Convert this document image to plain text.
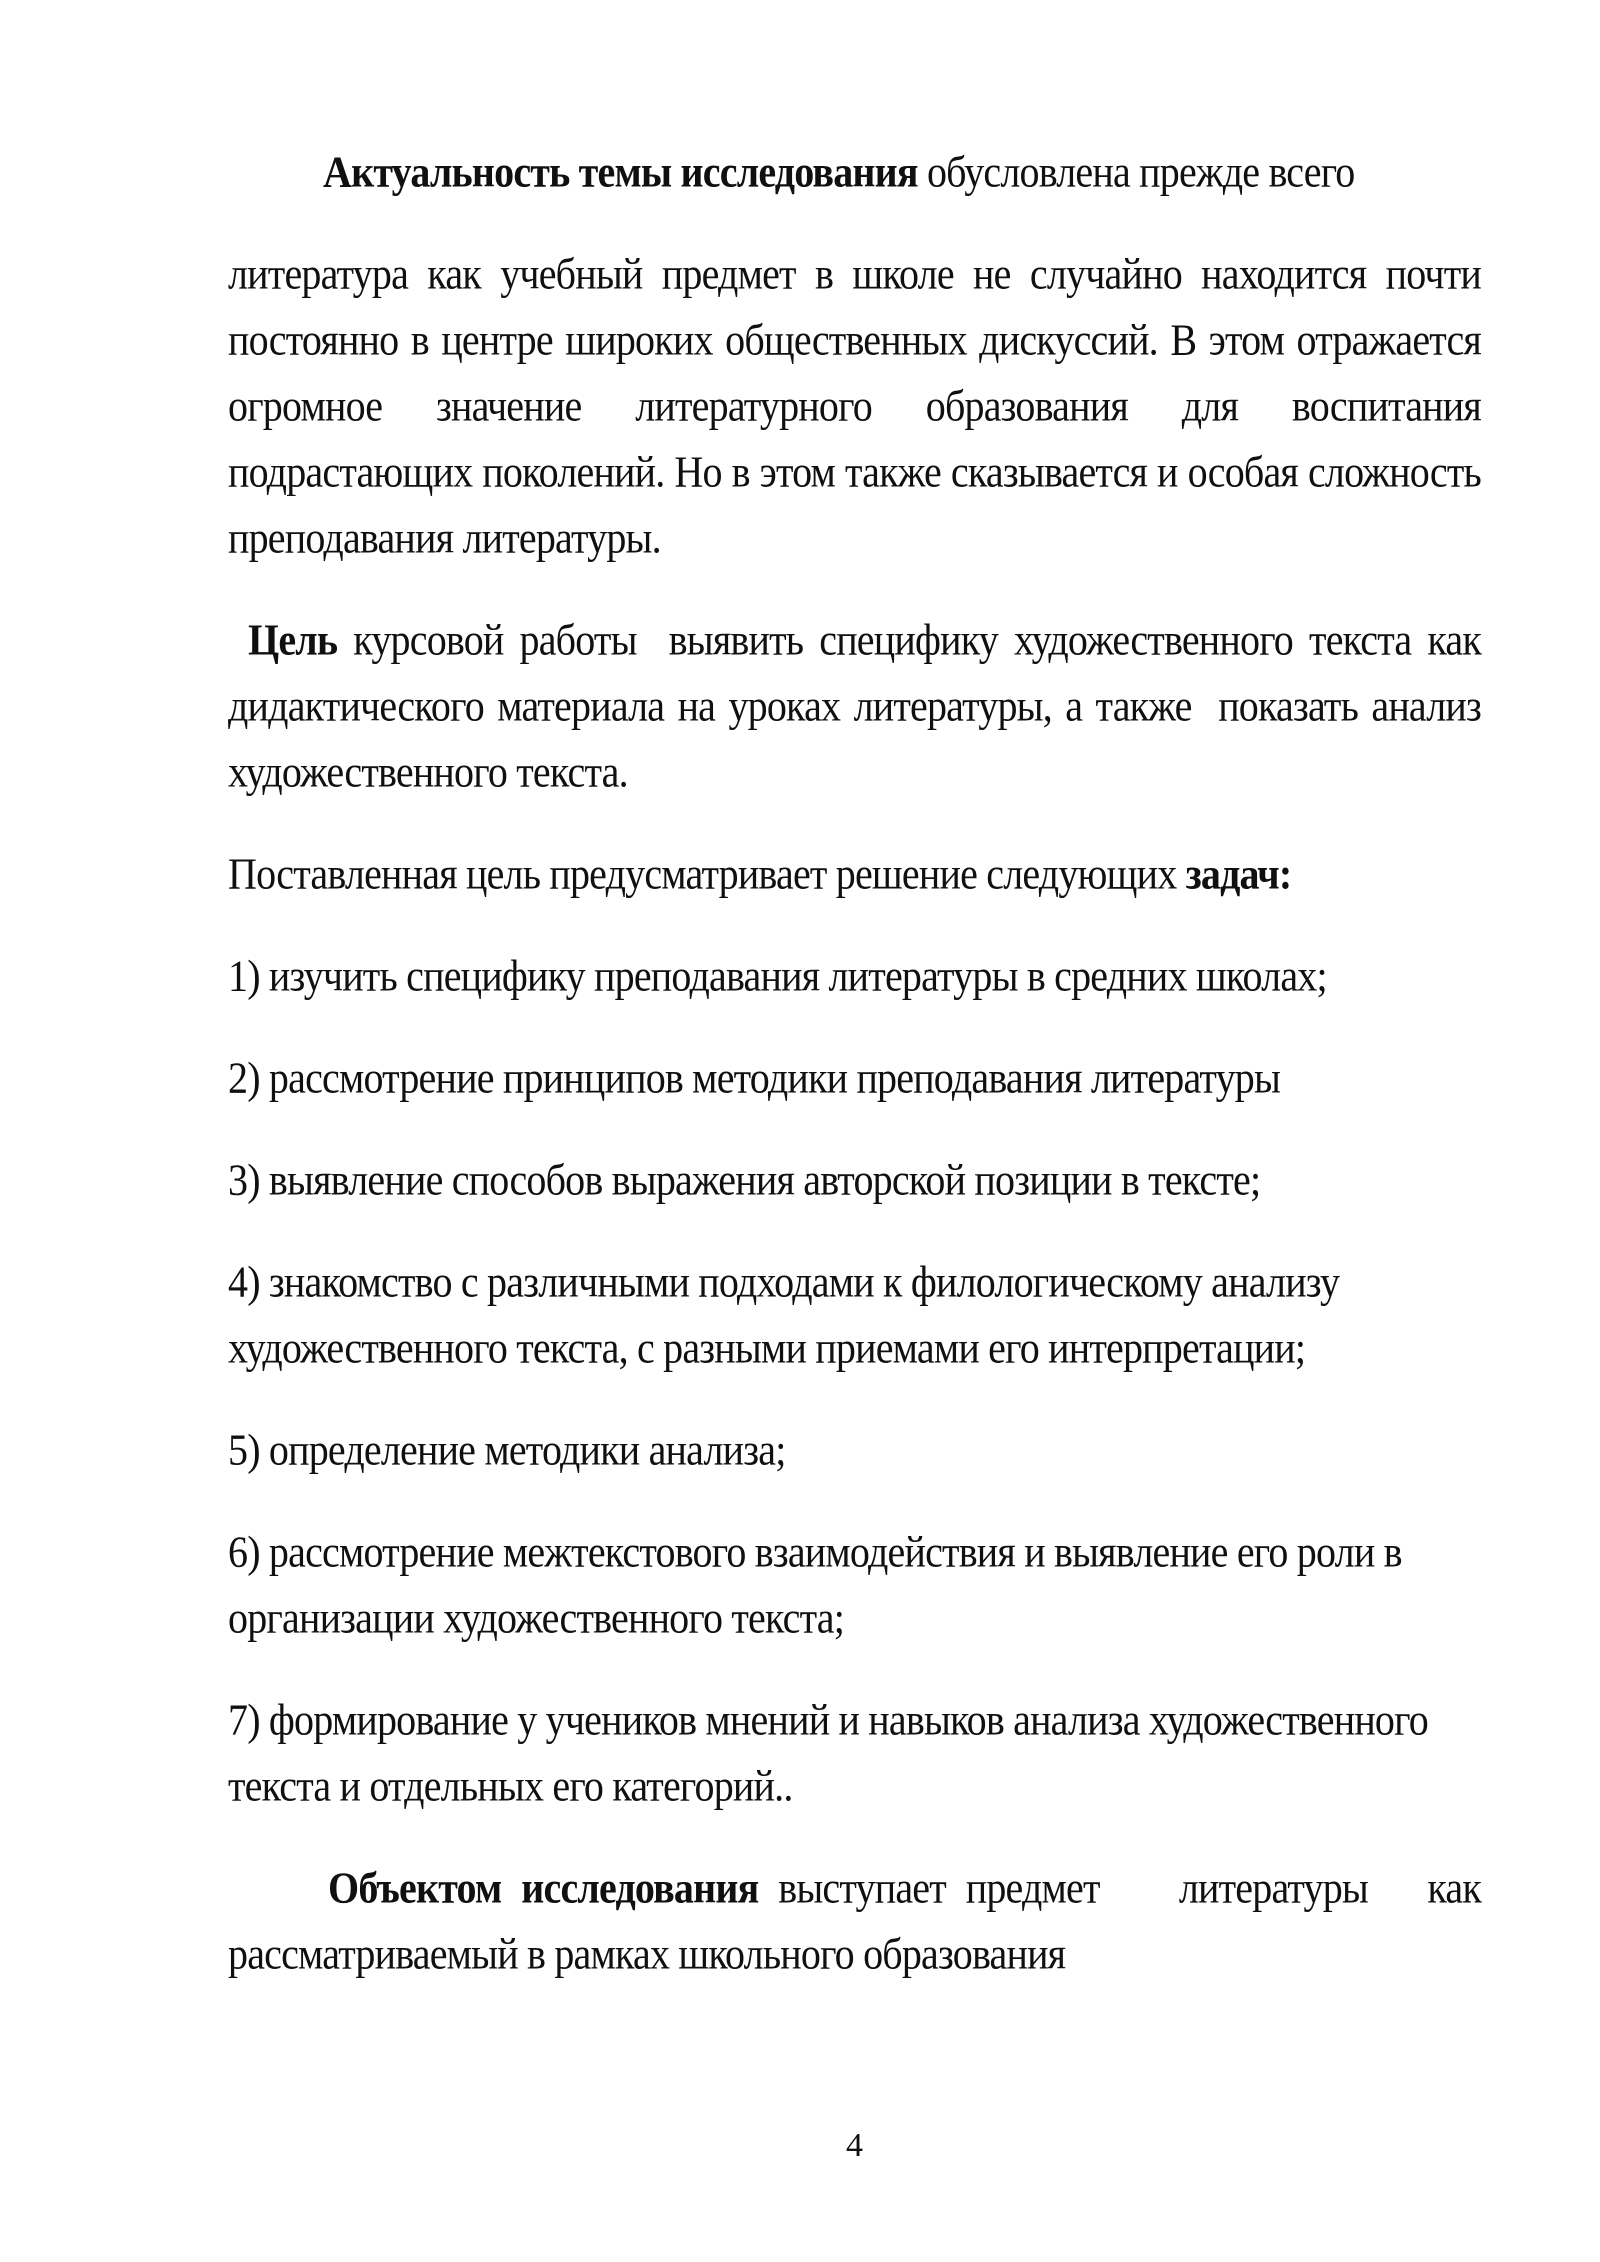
Актуальность темы исследования обусловлена прежде всего
литература как учебный предмет в школе не случайно находится почти
постоянно в центре широких общественных дискуссий. В этом отражается
огромное значение литературного образования для воспитания
подрастающих поколений. Но в этом также сказывается и особая сложность
преподавания литературы.
Цель курсовой работы  выявить специфику художественного текста как
дидактического материала на уроках литературы, а также  показать анализ
художественного текста.
Поставленная цель предусматривает решение следующих задач:
1) изучить специфику преподавания литературы в средних школах;
2) рассмотрение принципов методики преподавания литературы
3) выявление способов выражения авторской позиции в тексте;
4) знакомство с различными подходами к филологическому анализу
художественного текста, с разными приемами его интерпретации;
5) определение методики анализа;
6) рассмотрение межтекстового взаимодействия и выявление его роли в
организации художественного текста;
7) формирование у учеников мнений и навыков анализа художественного
текста и отдельных его категорий..
Объектом исследования выступает предмет    литературы   как
рассматриваемый в рамках школьного образования
4
